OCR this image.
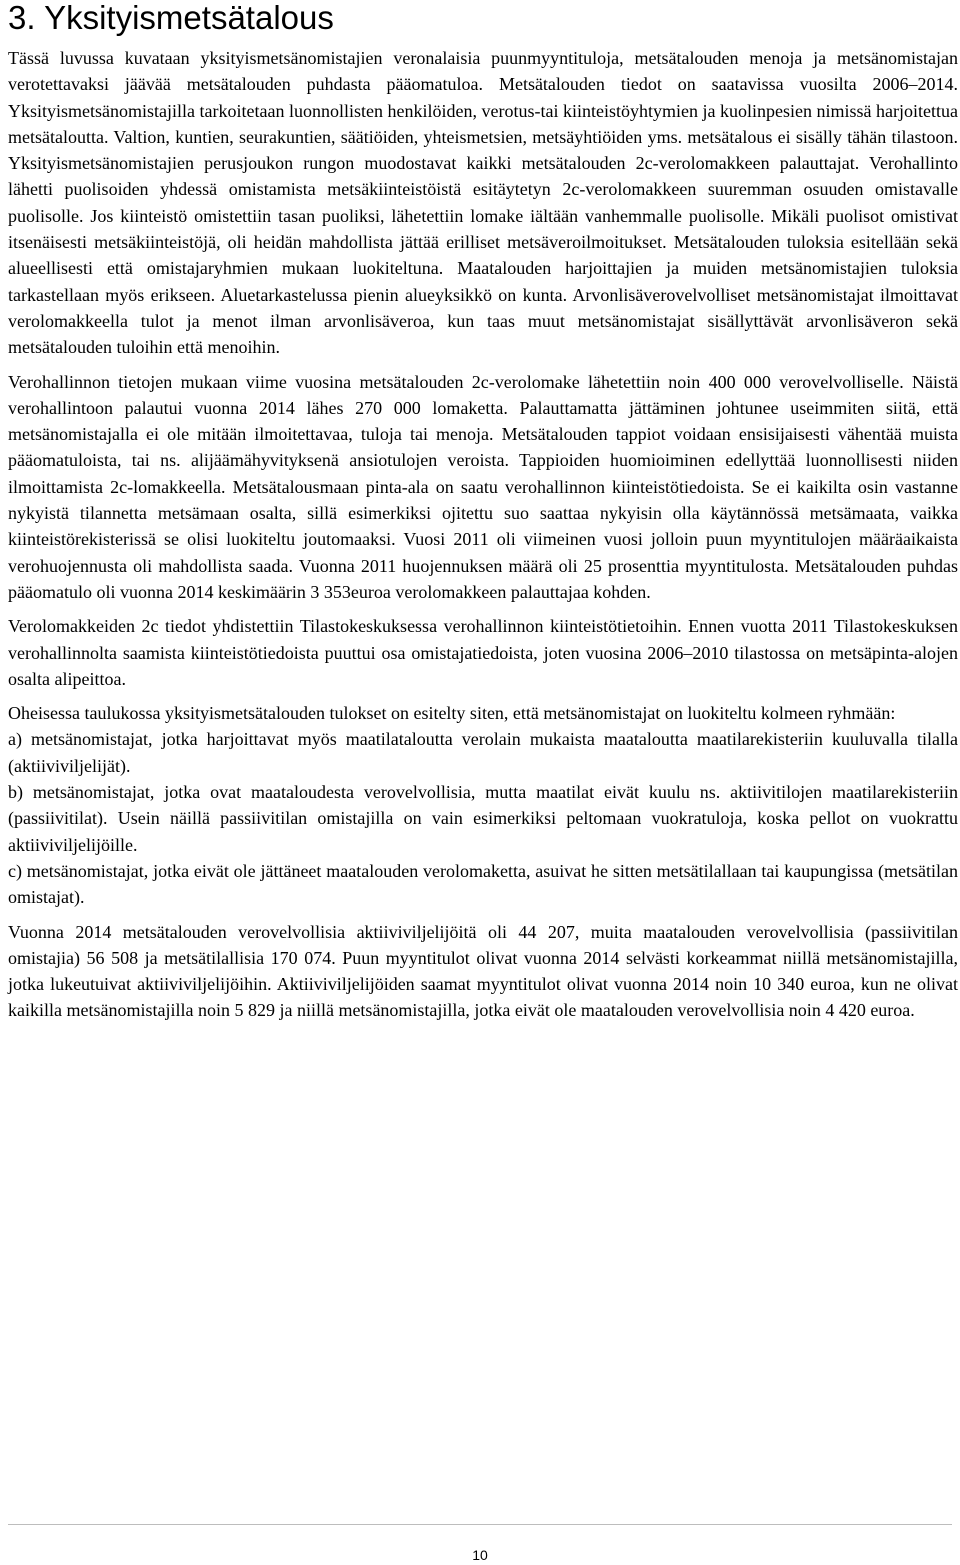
3. Yksityismetsätalous

Tässä luvussa kuvataan yksityismetsänomistajien veronalaisia puunmyyntituloja, metsätalouden menoja ja metsänomistajan verotettavaksi jäävää metsätalouden puhdasta pääomatuloa. Metsätalouden tiedot on saatavissa vuosilta 2006–2014. Yksityismetsänomistajilla tarkoitetaan luonnollisten henkilöiden, verotus-tai kiinteistöyhtymien ja kuolinpesien nimissä harjoitettua metsätaloutta. Valtion, kuntien, seurakuntien, säätiöiden, yhteismetsien, metsäyhtiöiden yms. metsätalous ei sisälly tähän tilastoon. Yksityismetsänomistajien perusjoukon rungon muodostavat kaikki metsätalouden 2c-verolomakkeen palauttajat. Verohallinto lähetti puolisoiden yhdessä omistamista metsäkiinteistöistä esitäytetyn 2c-verolomakkeen suuremman osuuden omistavalle puolisolle. Jos kiinteistö omistettiin tasan puoliksi, lähetettiin lomake iältään vanhemmalle puolisolle. Mikäli puolisot omistivat itsenäisesti metsäkiinteistöjä, oli heidän mahdollista jättää erilliset metsäveroilmoitukset. Metsätalouden tuloksia esitellään sekä alueellisesti että omistajaryhmien mukaan luokiteltuna. Maatalouden harjoittajien ja muiden metsänomistajien tuloksia tarkastellaan myös erikseen. Aluetarkastelussa pienin alueyksikkö on kunta. Arvonlisäverovelvolliset metsänomistajat ilmoittavat verolomakkeella tulot ja menot ilman arvonlisäveroa, kun taas muut metsänomistajat sisällyttävät arvonlisäveron sekä metsätalouden tuloihin että menoihin.

Verohallinnon tietojen mukaan viime vuosina metsätalouden 2c-verolomake lähetettiin noin 400 000 verovelvolliselle. Näistä verohallintoon palautui vuonna 2014 lähes 270 000 lomaketta. Palauttamatta jättäminen johtunee useimmiten siitä, että metsänomistajalla ei ole mitään ilmoitettavaa, tuloja tai menoja. Metsätalouden tappiot voidaan ensisijaisesti vähentää muista pääomatuloista, tai ns. alijäämähyvityksenä ansiotulojen veroista. Tappioiden huomioiminen edellyttää luonnollisesti niiden ilmoittamista 2c-lomakkeella. Metsätalousmaan pinta-ala on saatu verohallinnon kiinteistötiedoista. Se ei kaikilta osin vastanne nykyistä tilannetta metsämaan osalta, sillä esimerkiksi ojitettu suo saattaa nykyisin olla käytännössä metsämaata, vaikka kiinteistörekisterissä se olisi luokiteltu joutomaaksi. Vuosi 2011 oli viimeinen vuosi jolloin puun myyntitulojen määräaikaista verohuojennusta oli mahdollista saada. Vuonna 2011 huojennuksen määrä oli 25 prosenttia myyntitulosta. Metsätalouden puhdas pääomatulo oli vuonna 2014 keskimäärin 3 353euroa verolomakkeen palauttajaa kohden.

Verolomakkeiden 2c tiedot yhdistettiin Tilastokeskuksessa verohallinnon kiinteistötietoihin. Ennen vuotta 2011 Tilastokeskuksen verohallinnolta saamista kiinteistötiedoista puuttui osa omistajatiedoista, joten vuosina 2006–2010 tilastossa on metsäpinta-alojen osalta alipeittoa.

Oheisessa taulukossa yksityismetsätalouden tulokset on esitelty siten, että metsänomistajat on luokiteltu kolmeen ryhmään:

a) metsänomistajat, jotka harjoittavat myös maatilataloutta verolain mukaista maataloutta maatilarekisteriin kuuluvalla tilalla (aktiiviviljelijät).

b) metsänomistajat, jotka ovat maataloudesta verovelvollisia, mutta maatilat eivät kuulu ns. aktiivitilojen maatilarekisteriin (passiivitilat). Usein näillä passiivitilan omistajilla on vain esimerkiksi peltomaan vuokratuloja, koska pellot on vuokrattu aktiiviviljelijöille.

c) metsänomistajat, jotka eivät ole jättäneet maatalouden verolomaketta, asuivat he sitten metsätilallaan tai kaupungissa (metsätilan omistajat).

Vuonna 2014 metsätalouden verovelvollisia aktiiviviljelijöitä oli 44 207, muita maatalouden verovelvollisia (passiivitilan omistajia) 56 508 ja metsätilallisia 170 074. Puun myyntitulot olivat vuonna 2014 selvästi korkeammat niillä metsänomistajilla, jotka lukeutuivat aktiiviviljelijöihin. Aktiiviviljelijöiden saamat myyntitulot olivat vuonna 2014 noin 10 340 euroa, kun ne olivat kaikilla metsänomistajilla noin 5 829 ja niillä metsänomistajilla, jotka eivät ole maatalouden verovelvollisia noin 4 420 euroa.

10
